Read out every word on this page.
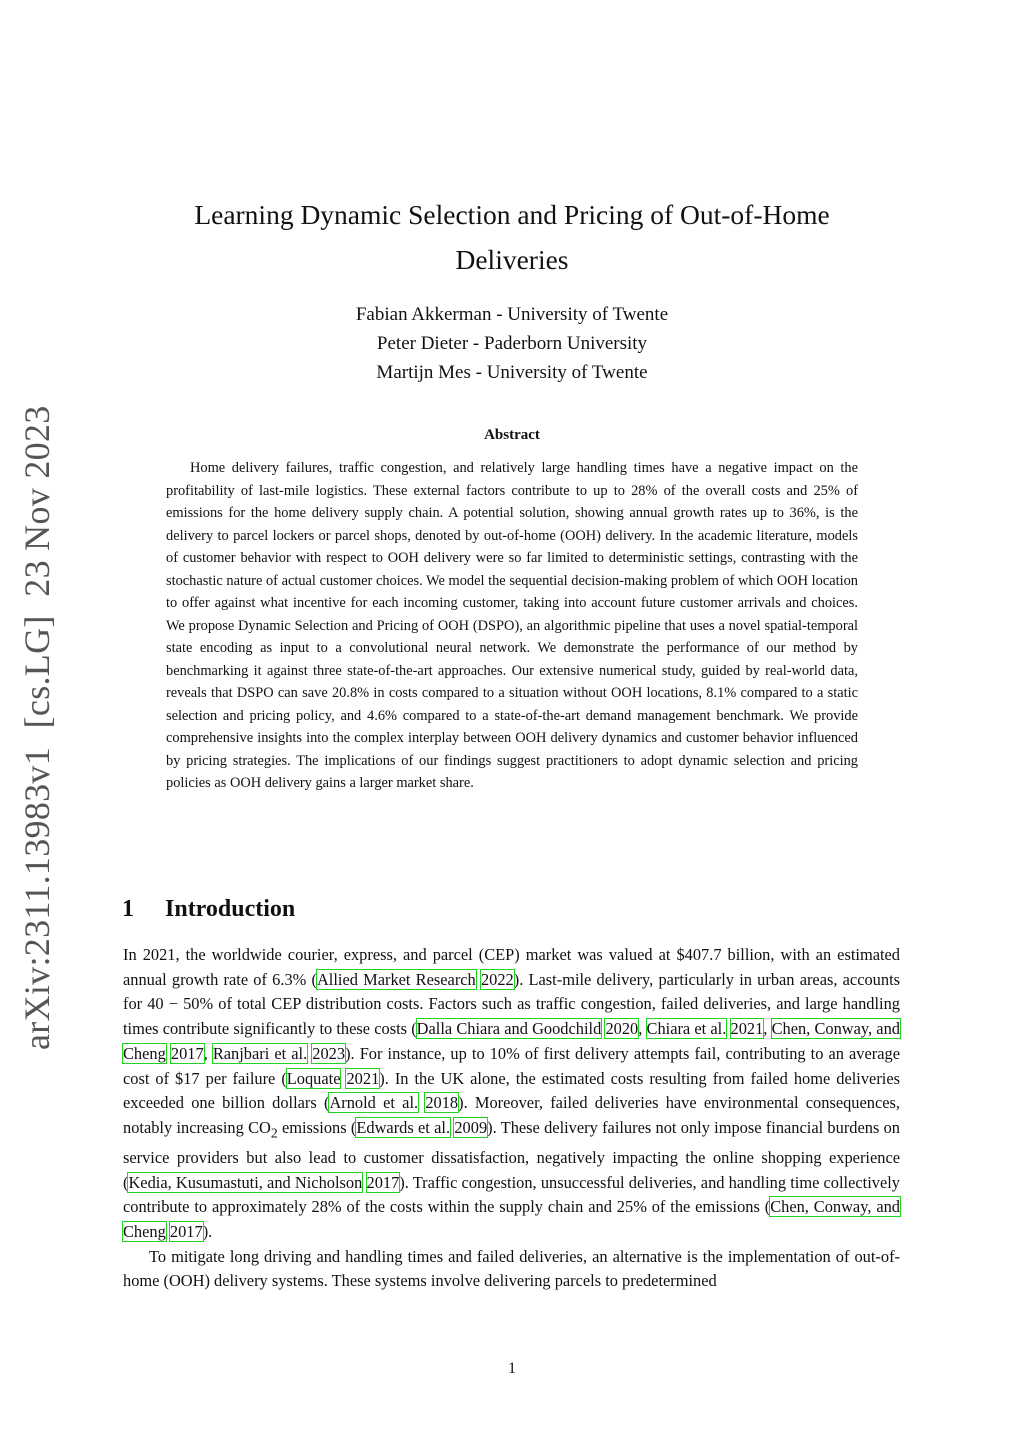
arXiv:2311.13983v1  [cs.LG]  23 Nov 2023
Learning Dynamic Selection and Pricing of Out-of-Home
Deliveries
Fabian Akkerman - University of Twente
Peter Dieter - Paderborn University
Martijn Mes - University of Twente
Abstract

Home delivery failures, traffic congestion, and relatively large handling times have a negative impact on the profitability of last-mile logistics. These external factors contribute to up to 28% of the overall costs and 25% of emissions for the home delivery supply chain. A potential solution, showing annual growth rates up to 36%, is the delivery to parcel lockers or parcel shops, denoted by out-of-home (OOH) delivery. In the academic literature, models of customer behavior with respect to OOH delivery were so far limited to deterministic settings, contrasting with the stochastic nature of actual customer choices. We model the sequential decision-making problem of which OOH location to offer against what incentive for each incoming customer, taking into account future customer arrivals and choices. We propose Dynamic Selection and Pricing of OOH (DSPO), an algorithmic pipeline that uses a novel spatial-temporal state encoding as input to a convolutional neural network. We demonstrate the performance of our method by benchmarking it against three state-of-the-art approaches. Our extensive numerical study, guided by real-world data, reveals that DSPO can save 20.8% in costs compared to a situation without OOH locations, 8.1% compared to a static selection and pricing policy, and 4.6% compared to a state-of-the-art demand management benchmark. We provide comprehensive insights into the complex interplay between OOH delivery dynamics and customer behavior influenced by pricing strategies. The implications of our findings suggest practitioners to adopt dynamic selection and pricing policies as OOH delivery gains a larger market share.

1 Introduction

In 2021, the worldwide courier, express, and parcel (CEP) market was valued at $407.7 billion, with an estimated annual growth rate of 6.3% (Allied Market Research 2022). Last-mile delivery, particularly in urban areas, accounts for 40 − 50% of total CEP distribution costs. Factors such as traffic congestion, failed deliveries, and large handling times contribute significantly to these costs (Dalla Chiara and Goodchild 2020, Chiara et al. 2021, Chen, Conway, and Cheng 2017, Ranjbari et al. 2023). For instance, up to 10% of first delivery attempts fail, contributing to an average cost of $17 per failure (Loquate 2021). In the UK alone, the estimated costs resulting from failed home deliveries exceeded one billion dollars (Arnold et al. 2018). Moreover, failed deliveries have environmental consequences, notably increasing $CO_2$ emissions (Edwards et al. 2009). These delivery failures not only impose financial burdens on service providers but also lead to customer dissatisfaction, negatively impacting the online shopping experience (Kedia, Kusumastuti, and Nicholson 2017). Traffic congestion, unsuccessful deliveries, and handling time collectively contribute to approximately 28% of the costs within the supply chain and 25% of the emissions (Chen, Conway, and Cheng 2017).

To mitigate long driving and handling times and failed deliveries, an alternative is the implementation of out-of-home (OOH) delivery systems. These systems involve delivering parcels to predetermined

1
